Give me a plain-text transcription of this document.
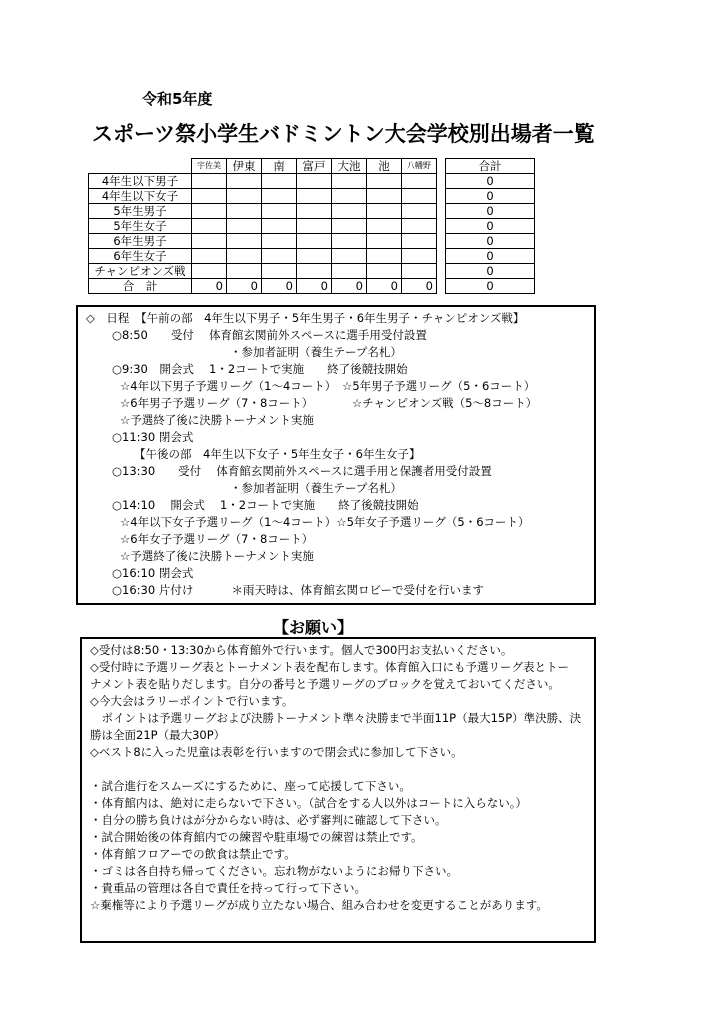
令和5年度
スポーツ祭小学生バドミントン大会学校別出場者一覧
	宇佐美	伊東	南	富戸	大池	池	八幡野		合計
4年生以下男子									0
4年生以下女子									0
5年生男子									0
5年生女子									0
6年生男子									0
6年生女子									0
チャンピオンズ戦									0
合　計	0	0	0	0	0	0	0		0
◇　日程　【午前の部　4年生以下男子・5年生男子・6年生男子・チャンピオンズ戦】
○8:50　　受付　 体育館玄関前外スペースに選手用受付設置
・参加者証明（養生テープ名札）
○9:30　開会式　 1・2コートで実施　　終了後競技開始
☆4年以下男子予選リーグ（1～4コート）　☆5年男子予選リーグ（5・6コート）
☆6年男子予選リーグ（7・8コート）	☆チャンピオンズ戦（5～8コート）
☆予選終了後に決勝トーナメント実施
○11:30 閉会式
【午後の部　4年生以下女子・5年生女子・6年生女子】
○13:30　　受付　 体育館玄関前外スペースに選手用と保護者用受付設置
・参加者証明（養生テープ名札）
○14:10　 開会式　 1・2コートで実施　　終了後競技開始
☆4年以下女子予選リーグ（1～4コート）☆5年女子予選リーグ（5・6コート）
☆6年女子予選リーグ（7・8コート）
☆予選終了後に決勝トーナメント実施
○16:10 閉会式
○16:30 片付け　　　 ＊雨天時は、体育館玄関ロビーで受付を行います
【お願い】
◇受付は8:50・13:30から体育館外で行います。個人で300円お支払いください。
◇受付時に予選リーグ表とトーナメント表を配布します。体育館入口にも予選リーグ表とトー
ナメント表を貼りだします。自分の番号と予選リーグのブロックを覚えておいてください。
◇今大会はラリーポイントで行います。
　ポイントは予選リーグおよび決勝トーナメント準々決勝まで半面11P（最大15P）準決勝、決
勝は全面21P（最大30P）
◇ベスト8に入った児童は表彰を行いますので閉会式に参加して下さい。
・試合進行をスムーズにするために、座って応援して下さい。
・体育館内は、絶対に走らないで下さい。（試合をする人以外はコートに入らない。）
・自分の勝ち負けはが分からない時は、必ず審判に確認して下さい。
・試合開始後の体育館内での練習や駐車場での練習は禁止です。
・体育館フロアーでの飲食は禁止です。
・ゴミは各自持ち帰ってください。忘れ物がないようにお帰り下さい。
・貴重品の管理は各自で責任を持って行って下さい。
☆棄権等により予選リーグが成り立たない場合、組み合わせを変更することがあります。
